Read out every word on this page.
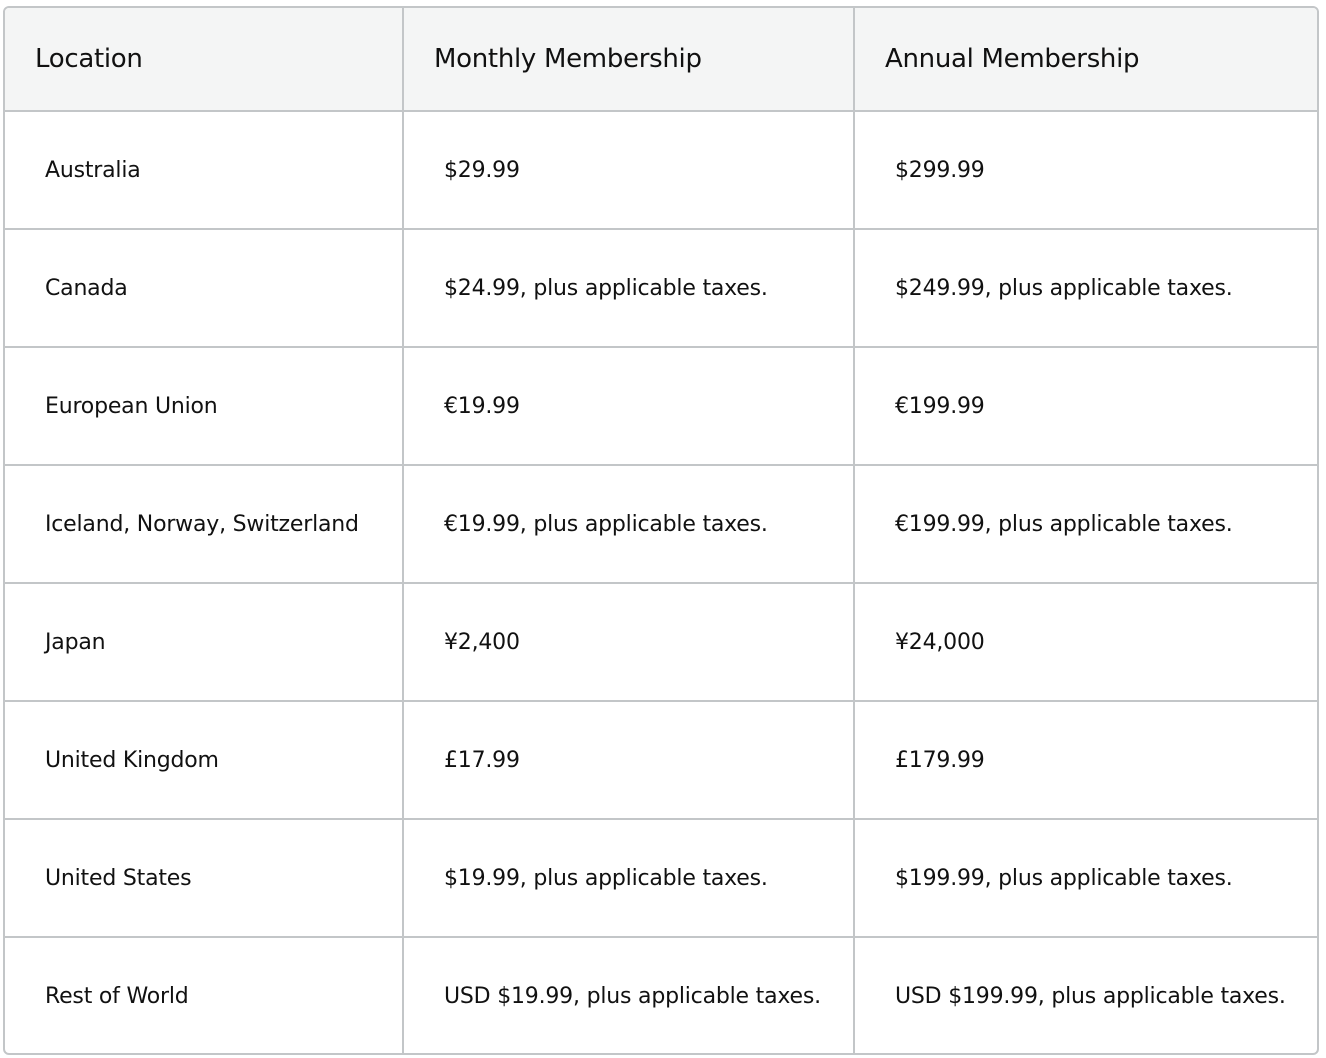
Location	Monthly Membership	Annual Membership
Australia	$29.99	$299.99
Canada	$24.99, plus applicable taxes.	$249.99, plus applicable taxes.
European Union	€19.99	€199.99
Iceland, Norway, Switzerland	€19.99, plus applicable taxes.	€199.99, plus applicable taxes.
Japan	¥2,400	¥24,000
United Kingdom	£17.99	£179.99
United States	$19.99, plus applicable taxes.	$199.99, plus applicable taxes.
Rest of World	USD $19.99, plus applicable taxes.	USD $199.99, plus applicable taxes.
